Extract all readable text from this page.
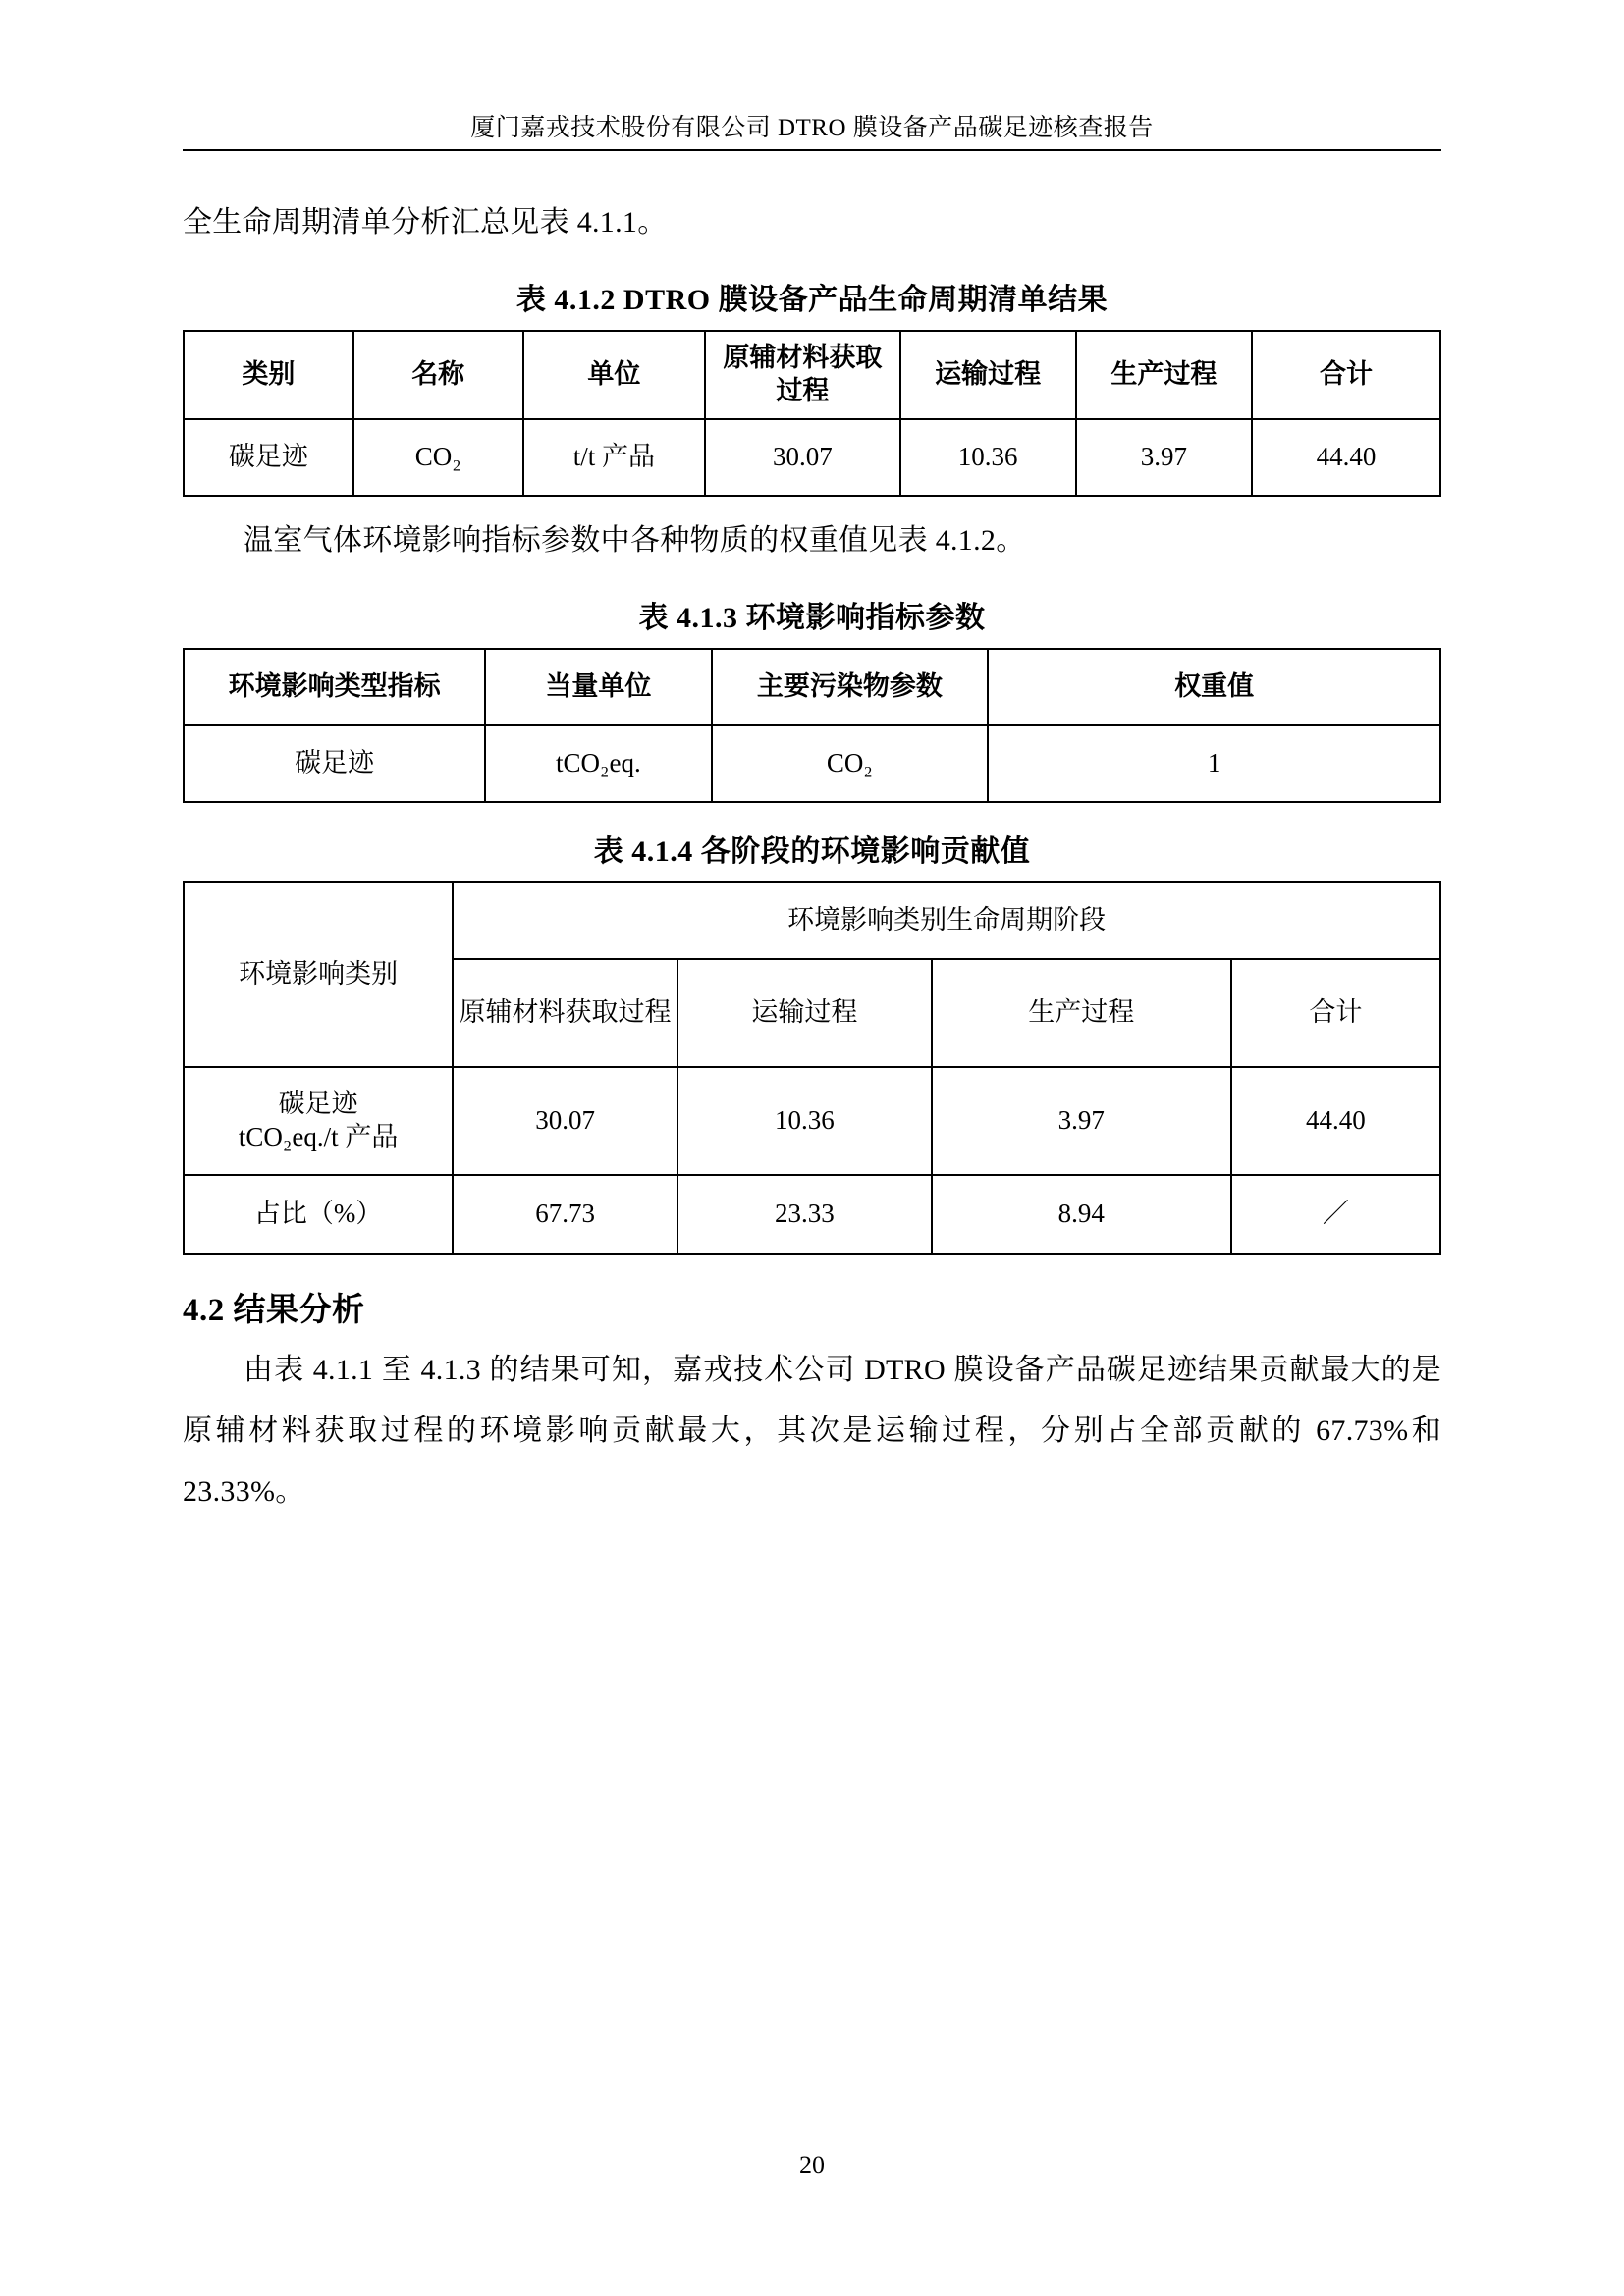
厦门嘉戎技术股份有限公司 DTRO 膜设备产品碳足迹核查报告

全生命周期清单分析汇总见表 4.1.1。

表 4.1.2 DTRO 膜设备产品生命周期清单结果
类别	名称	单位	原辅材料获取过程	运输过程	生产过程	合计
碳足迹	CO₂	t/t 产品	30.07	10.36	3.97	44.40

温室气体环境影响指标参数中各种物质的权重值见表 4.1.2。

表 4.1.3 环境影响指标参数
环境影响类型指标	当量单位	主要污染物参数	权重值
碳足迹	tCO₂eq.	CO₂	1
表 4.1.4 各阶段的环境影响贡献值
环境影响类别	环境影响类别生命周期阶段			
	原辅材料获取过程	运输过程	生产过程	合计
碳足迹
tCO₂eq./t 产品	30.07	10.36	3.97	44.40
占比（%）	67.73	23.33	8.94	／
4.2 结果分析

由表 4.1.1 至 4.1.3 的结果可知，嘉戎技术公司 DTRO 膜设备产品碳足迹结果贡献最大的是原辅材料获取过程的环境影响贡献最大，其次是运输过程，分别占全部贡献的 67.73%和 23.33%。

20
